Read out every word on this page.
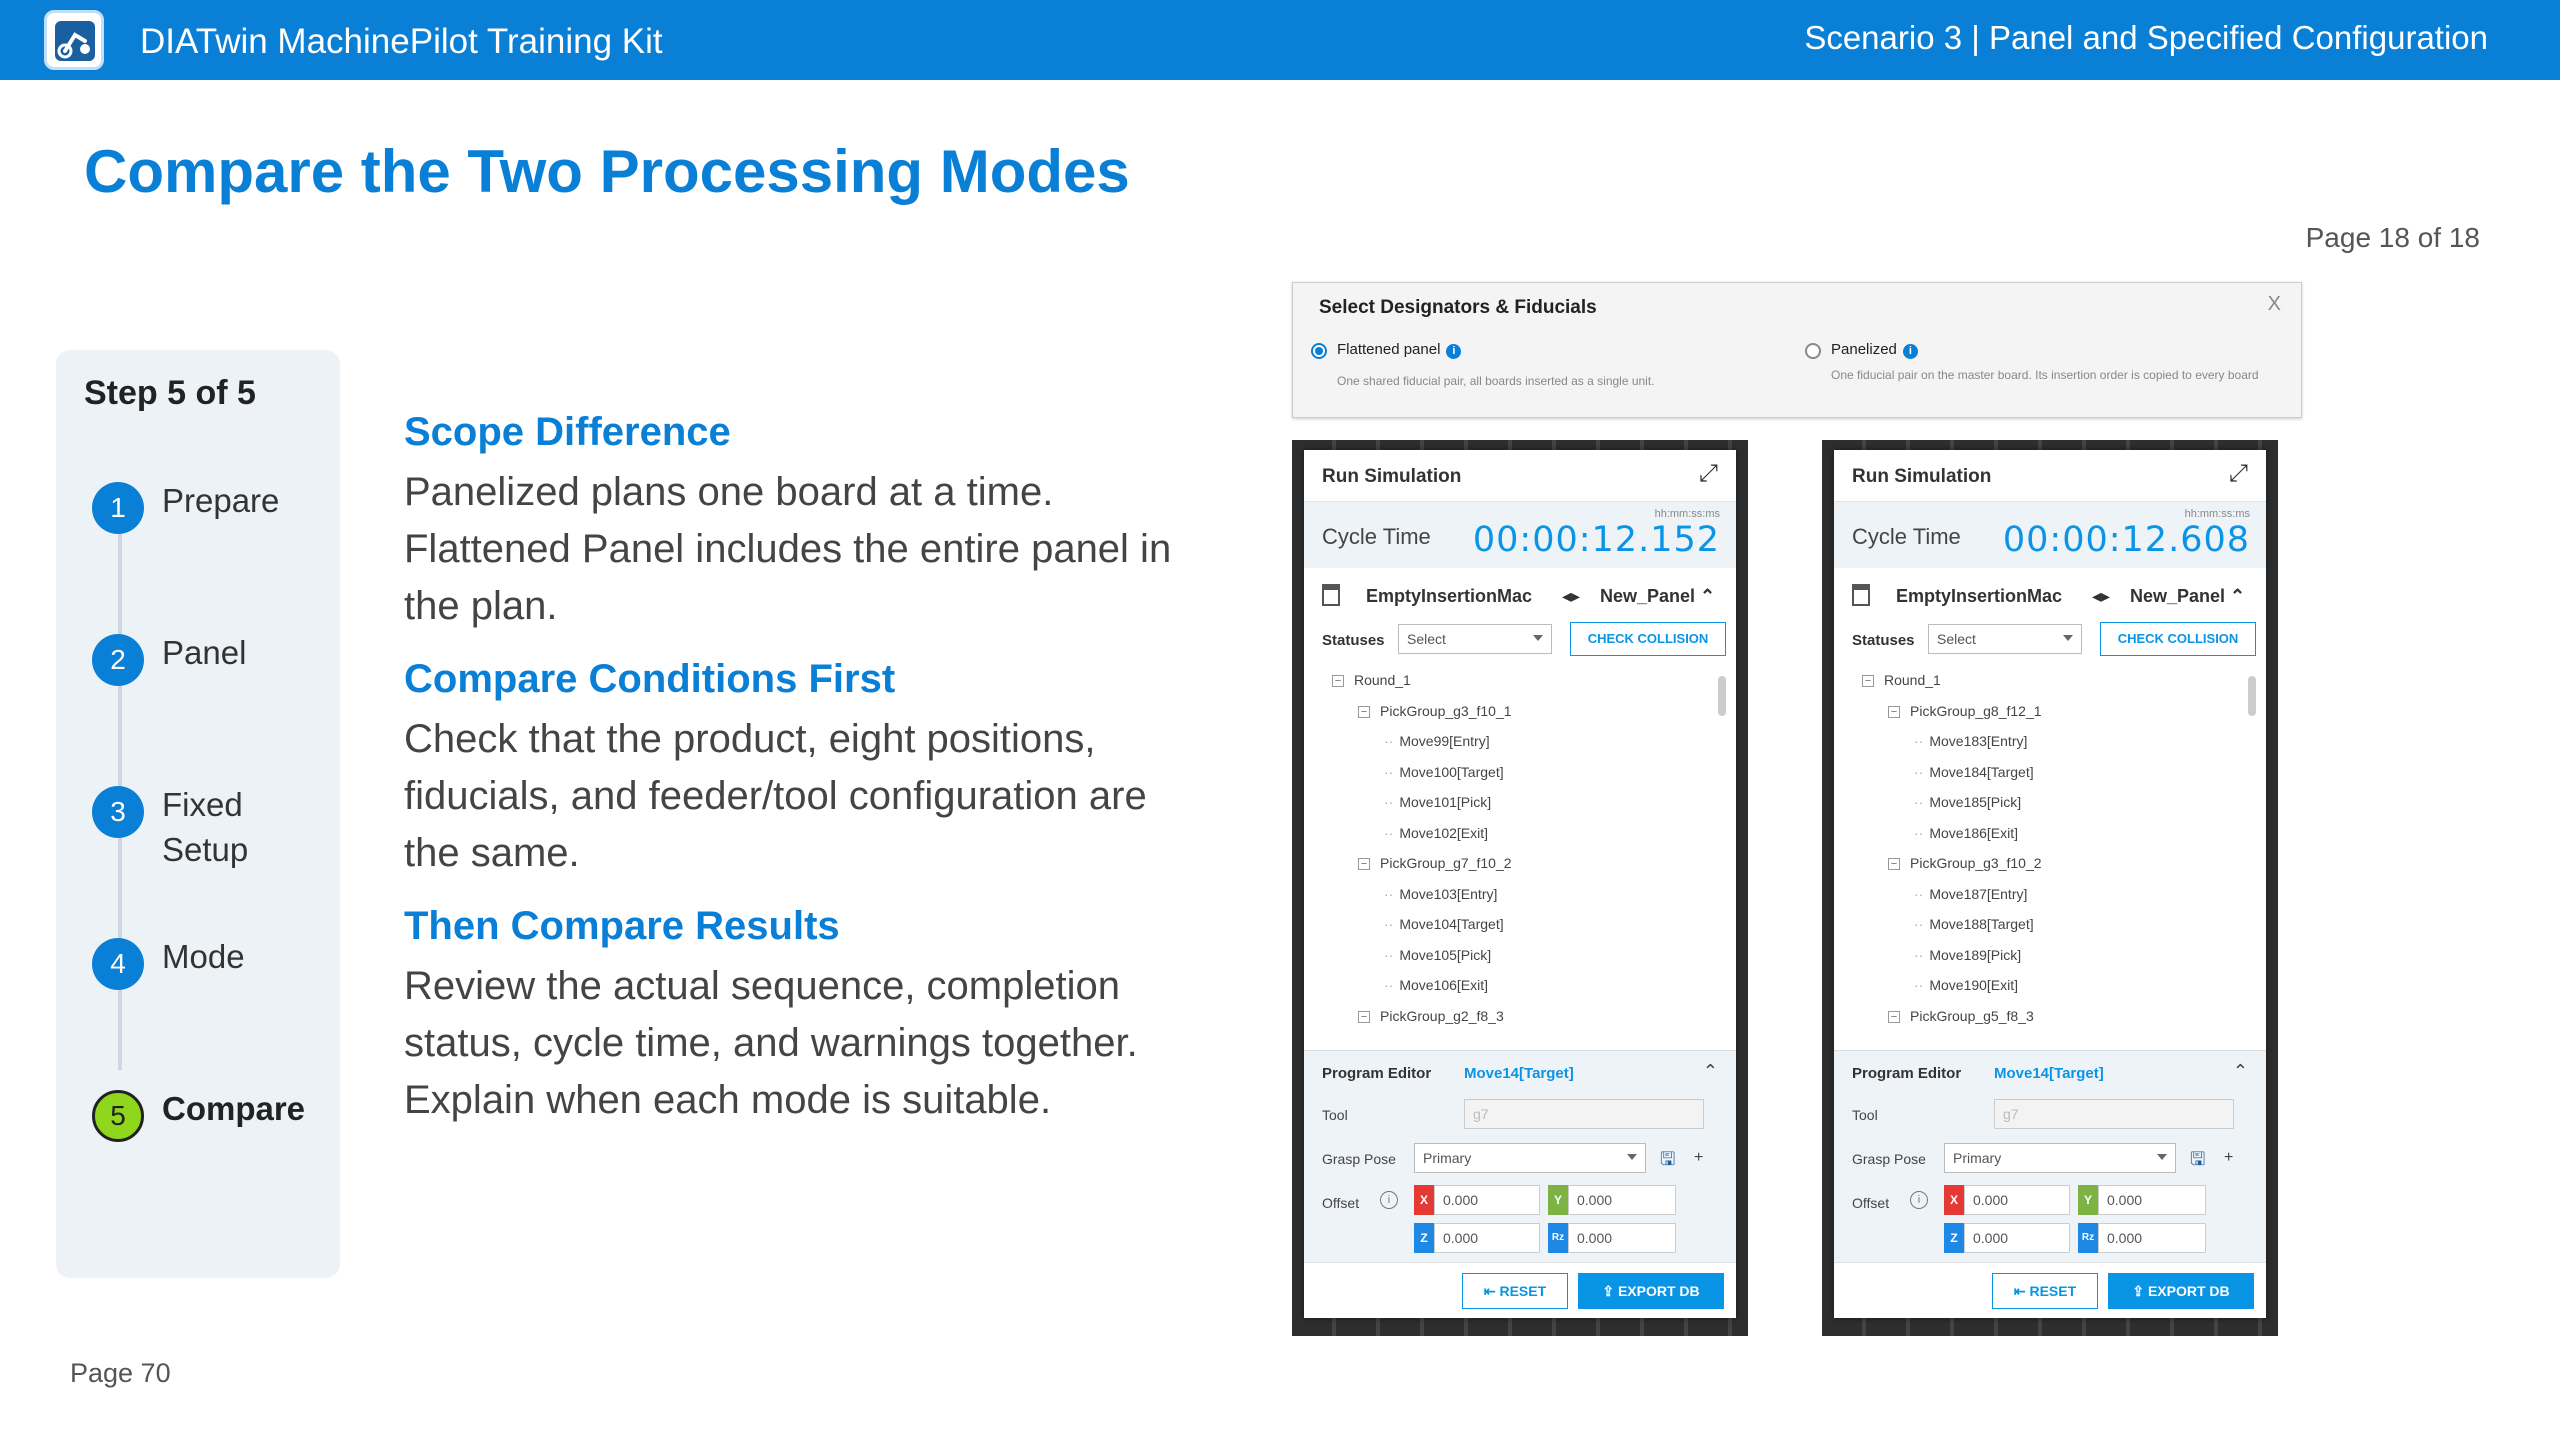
DIATwin MachinePilot Training Kit	Scenario 3 | Panel and Specified Configuration
Compare the Two Processing Modes
Page 18 of 18
Step 5 of 5
1	Prepare
2	Panel
3	Fixed
Setup
4	Mode
5	Compare
Scope Difference
Panelized plans one board at a time. Flattened Panel includes the entire panel in the plan.
Compare Conditions First
Check that the product, eight positions, fiducials, and feeder/tool configuration are the same.
Then Compare Results
Review the actual sequence, completion status, cycle time, and warnings together. Explain when each mode is suitable.
Page 70
Select Designators & Fiducials	X
Flattened panel i
One shared fiducial pair, all boards inserted as a single unit.
Panelized i
One fiducial pair on the master board. Its insertion order is copied to every board
Run Simulation	⤢
hh:mm:ss:ms
Cycle Time 00:00:12.152
EmptyInsertionMac ◂▸ New_Panel ⌃
Statuses	Select	CHECK COLLISION
− Round_1
− PickGroup_g3_f10_1
·· Move99[Entry]
·· Move100[Target]
·· Move101[Pick]
·· Move102[Exit]
− PickGroup_g7_f10_2
·· Move103[Entry]
·· Move104[Target]
·· Move105[Pick]
·· Move106[Exit]
− PickGroup_g2_f8_3
Program Editor Move14[Target]	⌃
Tool	g7
Grasp Pose	Primary	🖫 +
Offset	i	X	0.000	Y	0.000
Z	0.000	Rz 0.000
⇤ RESET	⇪ EXPORT DB
Run Simulation	⤢
hh:mm:ss:ms
Cycle Time 00:00:12.608
EmptyInsertionMac ◂▸ New_Panel ⌃
Statuses	Select	CHECK COLLISION
− Round_1
− PickGroup_g8_f12_1
·· Move183[Entry]
·· Move184[Target]
·· Move185[Pick]
·· Move186[Exit]
− PickGroup_g3_f10_2
·· Move187[Entry]
·· Move188[Target]
·· Move189[Pick]
·· Move190[Exit]
− PickGroup_g5_f8_3
Program Editor Move14[Target]	⌃
Tool	g7
Grasp Pose	Primary	🖫 +
Offset	i	X	0.000	Y	0.000
Z	0.000	Rz 0.000
⇤ RESET	⇪ EXPORT DB
